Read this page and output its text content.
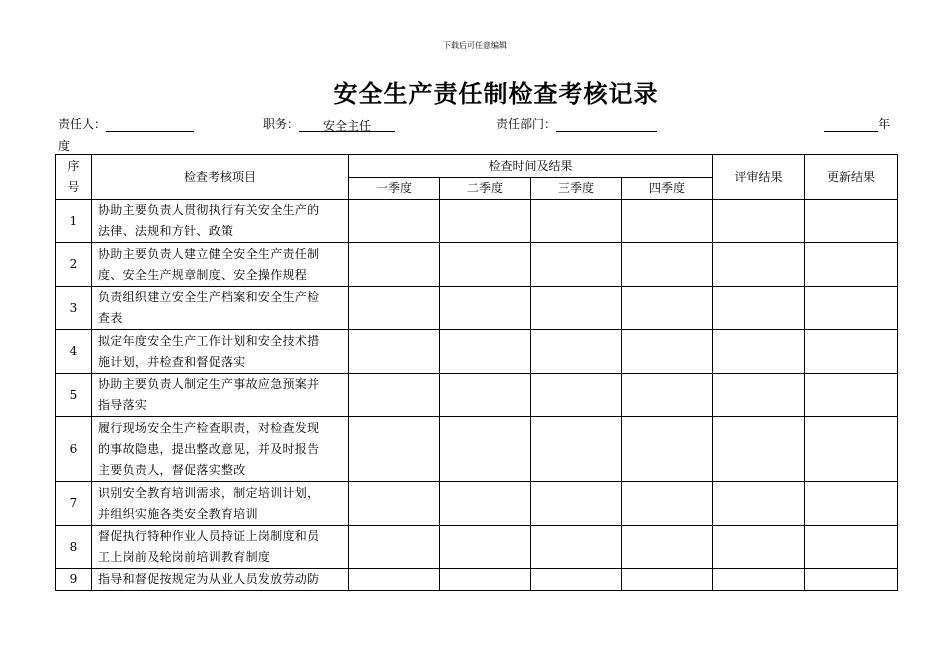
下载后可任意编辑
安全生产责任制检查考核记录
责任人：	职务： 安全主任	责任部门：	年
度
序
号	检查考核项目	检查时间及结果				评审结果	更新结果
		一季度	二季度	三季度	四季度		
1	协助主要负责人贯彻执行有关安全生产的
法律、法规和方针、政策						

2	协助主要负责人建立健全安全生产责任制
度、安全生产规章制度、安全操作规程						

3	负责组织建立安全生产档案和安全生产检
查表						

4	拟定年度安全生产工作计划和安全技术措
施计划，并检查和督促落实						

5	协助主要负责人制定生产事故应急预案并
指导落实						

6	履行现场安全生产检查职责，对检查发现
的事故隐患，提出整改意见，并及时报告
主要负责人，督促落实整改						

7	识别安全教育培训需求，制定培训计划，
并组织实施各类安全教育培训						

8	督促执行特种作业人员持证上岗制度和员
工上岗前及轮岗前培训教育制度						

9	指导和督促按规定为从业人员发放劳动防						
